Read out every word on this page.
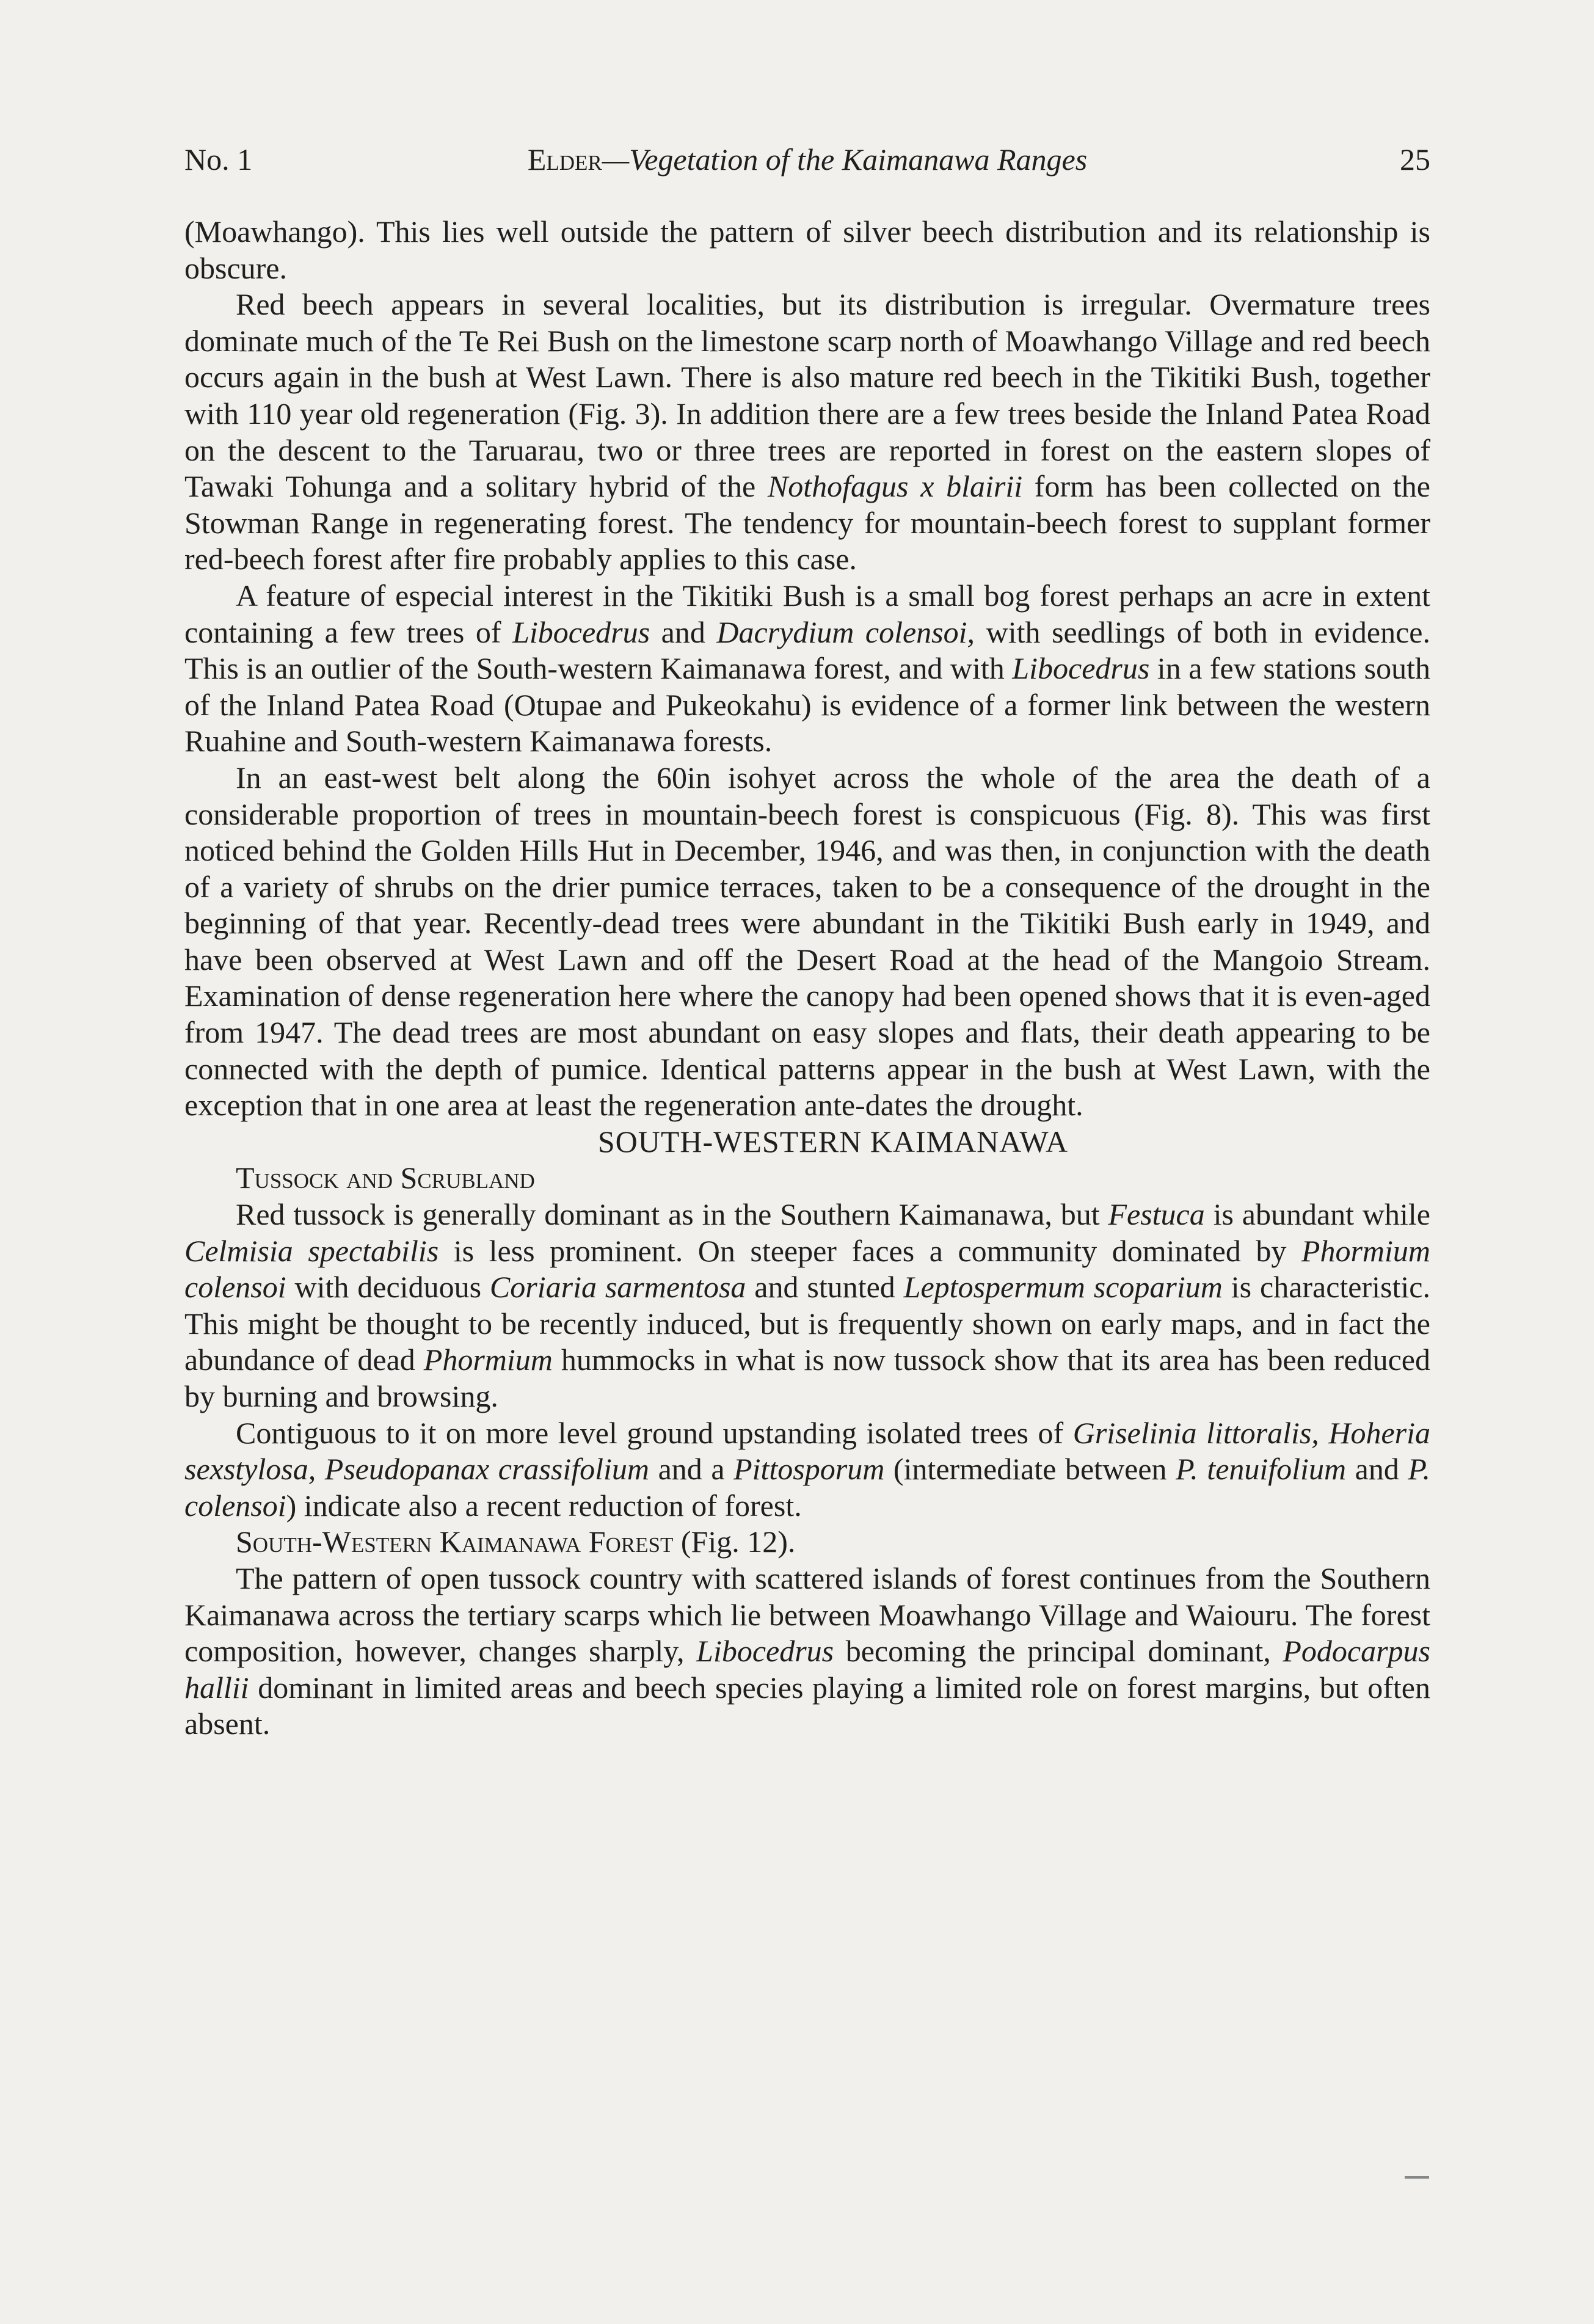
No. 1	Elder—Vegetation of the Kaimanawa Ranges	25

(Moawhango). This lies well outside the pattern of silver beech distribution and its relationship is obscure.

Red beech appears in several localities, but its distribution is irregular. Overmature trees dominate much of the Te Rei Bush on the limestone scarp north of Moawhango Village and red beech occurs again in the bush at West Lawn. There is also mature red beech in the Tikitiki Bush, together with 110 year old regeneration (Fig. 3). In addition there are a few trees beside the Inland Patea Road on the descent to the Taruarau, two or three trees are reported in forest on the eastern slopes of Tawaki Tohunga and a solitary hybrid of the Nothofagus x blairii form has been collected on the Stowman Range in regenerating forest. The tendency for mountain-beech forest to supplant former red-beech forest after fire probably applies to this case.

A feature of especial interest in the Tikitiki Bush is a small bog forest perhaps an acre in extent containing a few trees of Libocedrus and Dacrydium colensoi, with seedlings of both in evidence. This is an outlier of the South-western Kaimanawa forest, and with Libocedrus in a few stations south of the Inland Patea Road (Otupae and Pukeokahu) is evidence of a former link between the western Ruahine and South-western Kaimanawa forests.

In an east-west belt along the 60in isohyet across the whole of the area the death of a considerable proportion of trees in mountain-beech forest is conspicuous (Fig. 8). This was first noticed behind the Golden Hills Hut in December, 1946, and was then, in conjunction with the death of a variety of shrubs on the drier pumice terraces, taken to be a consequence of the drought in the beginning of that year. Recently-dead trees were abundant in the Tikitiki Bush early in 1949, and have been observed at West Lawn and off the Desert Road at the head of the Mangoio Stream. Examination of dense regeneration here where the canopy had been opened shows that it is even-aged from 1947. The dead trees are most abundant on easy slopes and flats, their death appearing to be connected with the depth of pumice. Identical patterns appear in the bush at West Lawn, with the exception that in one area at least the regeneration ante-dates the drought.

SOUTH-WESTERN KAIMANAWA

Tussock and Scrubland

Red tussock is generally dominant as in the Southern Kaimanawa, but Festuca is abundant while Celmisia spectabilis is less prominent. On steeper faces a community dominated by Phormium colensoi with deciduous Coriaria sarmentosa and stunted Leptospermum scoparium is characteristic. This might be thought to be recently induced, but is frequently shown on early maps, and in fact the abundance of dead Phormium hummocks in what is now tussock show that its area has been reduced by burning and browsing.

Contiguous to it on more level ground upstanding isolated trees of Griselinia littoralis, Hoheria sexstylosa, Pseudopanax crassifolium and a Pittosporum (intermediate between P. tenuifolium and P. colensoi) indicate also a recent reduction of forest.

South-Western Kaimanawa Forest (Fig. 12).

The pattern of open tussock country with scattered islands of forest continues from the Southern Kaimanawa across the tertiary scarps which lie between Moawhango Village and Waiouru. The forest composition, however, changes sharply, Libocedrus becoming the principal dominant, Podocarpus hallii dominant in limited areas and beech species playing a limited role on forest margins, but often absent.
